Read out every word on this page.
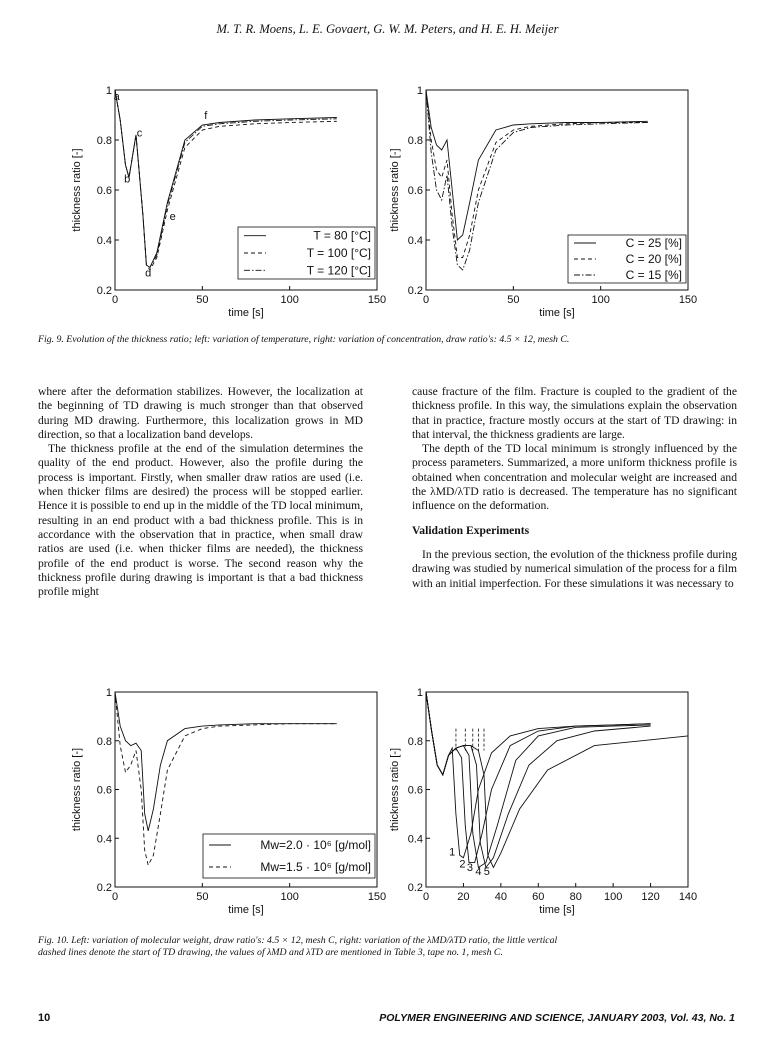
M. T. R. Moens, L. E. Govaert, G. W. M. Peters, and H. E. H. Meijer
0	50	100	150
0.2
0.4
0.6
0.8
1
time [s]
thickness ratio [-]
a
b
c
d
e
f
T = 80 [°C]
T = 100 [°C]
T = 120 [°C]
0	50	100	150
0.2
0.4
0.6
0.8
1
time [s]
thickness ratio [-]
C = 25 [%]
C = 20 [%]
C = 15 [%]
Fig. 9. Evolution of the thickness ratio; left: variation of temperature, right: variation of concentration, draw ratio's: 4.5 × 12, mesh C.

where after the deformation stabilizes. However, the localization at the beginning of TD drawing is much stronger than that observed during MD drawing. Furthermore, this localization grows in MD direction, so that a localization band develops.

The thickness profile at the end of the simulation determines the quality of the end product. However, also the profile during the process is important. Firstly, when smaller draw ratios are used (i.e. when thicker films are desired) the process will be stopped earlier. Hence it is possible to end up in the middle of the TD local minimum, resulting in an end product with a bad thickness profile. This is in accordance with the observation that in practice, when small draw ratios are used (i.e. when thicker films are needed), the thickness profile of the end product is worse. The second reason why the thickness profile during drawing is important is that a bad thickness profile might

cause fracture of the film. Fracture is coupled to the gradient of the thickness profile. In this way, the simulations explain the observation that in practice, fracture mostly occurs at the start of TD drawing: in that interval, the thickness gradients are large.

The depth of the TD local minimum is strongly influenced by the process parameters. Summarized, a more uniform thickness profile is obtained when concentration and molecular weight are increased and the λMD/λTD ratio is decreased. The temperature has no significant influence on the deformation.

Validation Experiments

In the previous section, the evolution of the thickness profile during drawing was studied by numerical simulation of the process for a film with an initial imperfection. For these simulations it was necessary to

0	50	100	150
0.2
0.4
0.6
0.8
1
time [s]
thickness ratio [-]
Mw=2.0 · 10⁶ [g/mol]
Mw=1.5 · 10⁶ [g/mol]
0	20 40 60 80 100 120 140
0.2
0.4
0.6
0.8
1
time [s]
thickness ratio [-]
1
2 3 4 5
Fig. 10. Left: variation of molecular weight, draw ratio's: 4.5 × 12, mesh C, right: variation of the λMD/λTD ratio, the little vertical
dashed lines denote the start of TD drawing, the values of λMD and λTD are mentioned in Table 3, tape no. 1, mesh C.
10	POLYMER ENGINEERING AND SCIENCE, JANUARY 2003, Vol. 43, No. 1
